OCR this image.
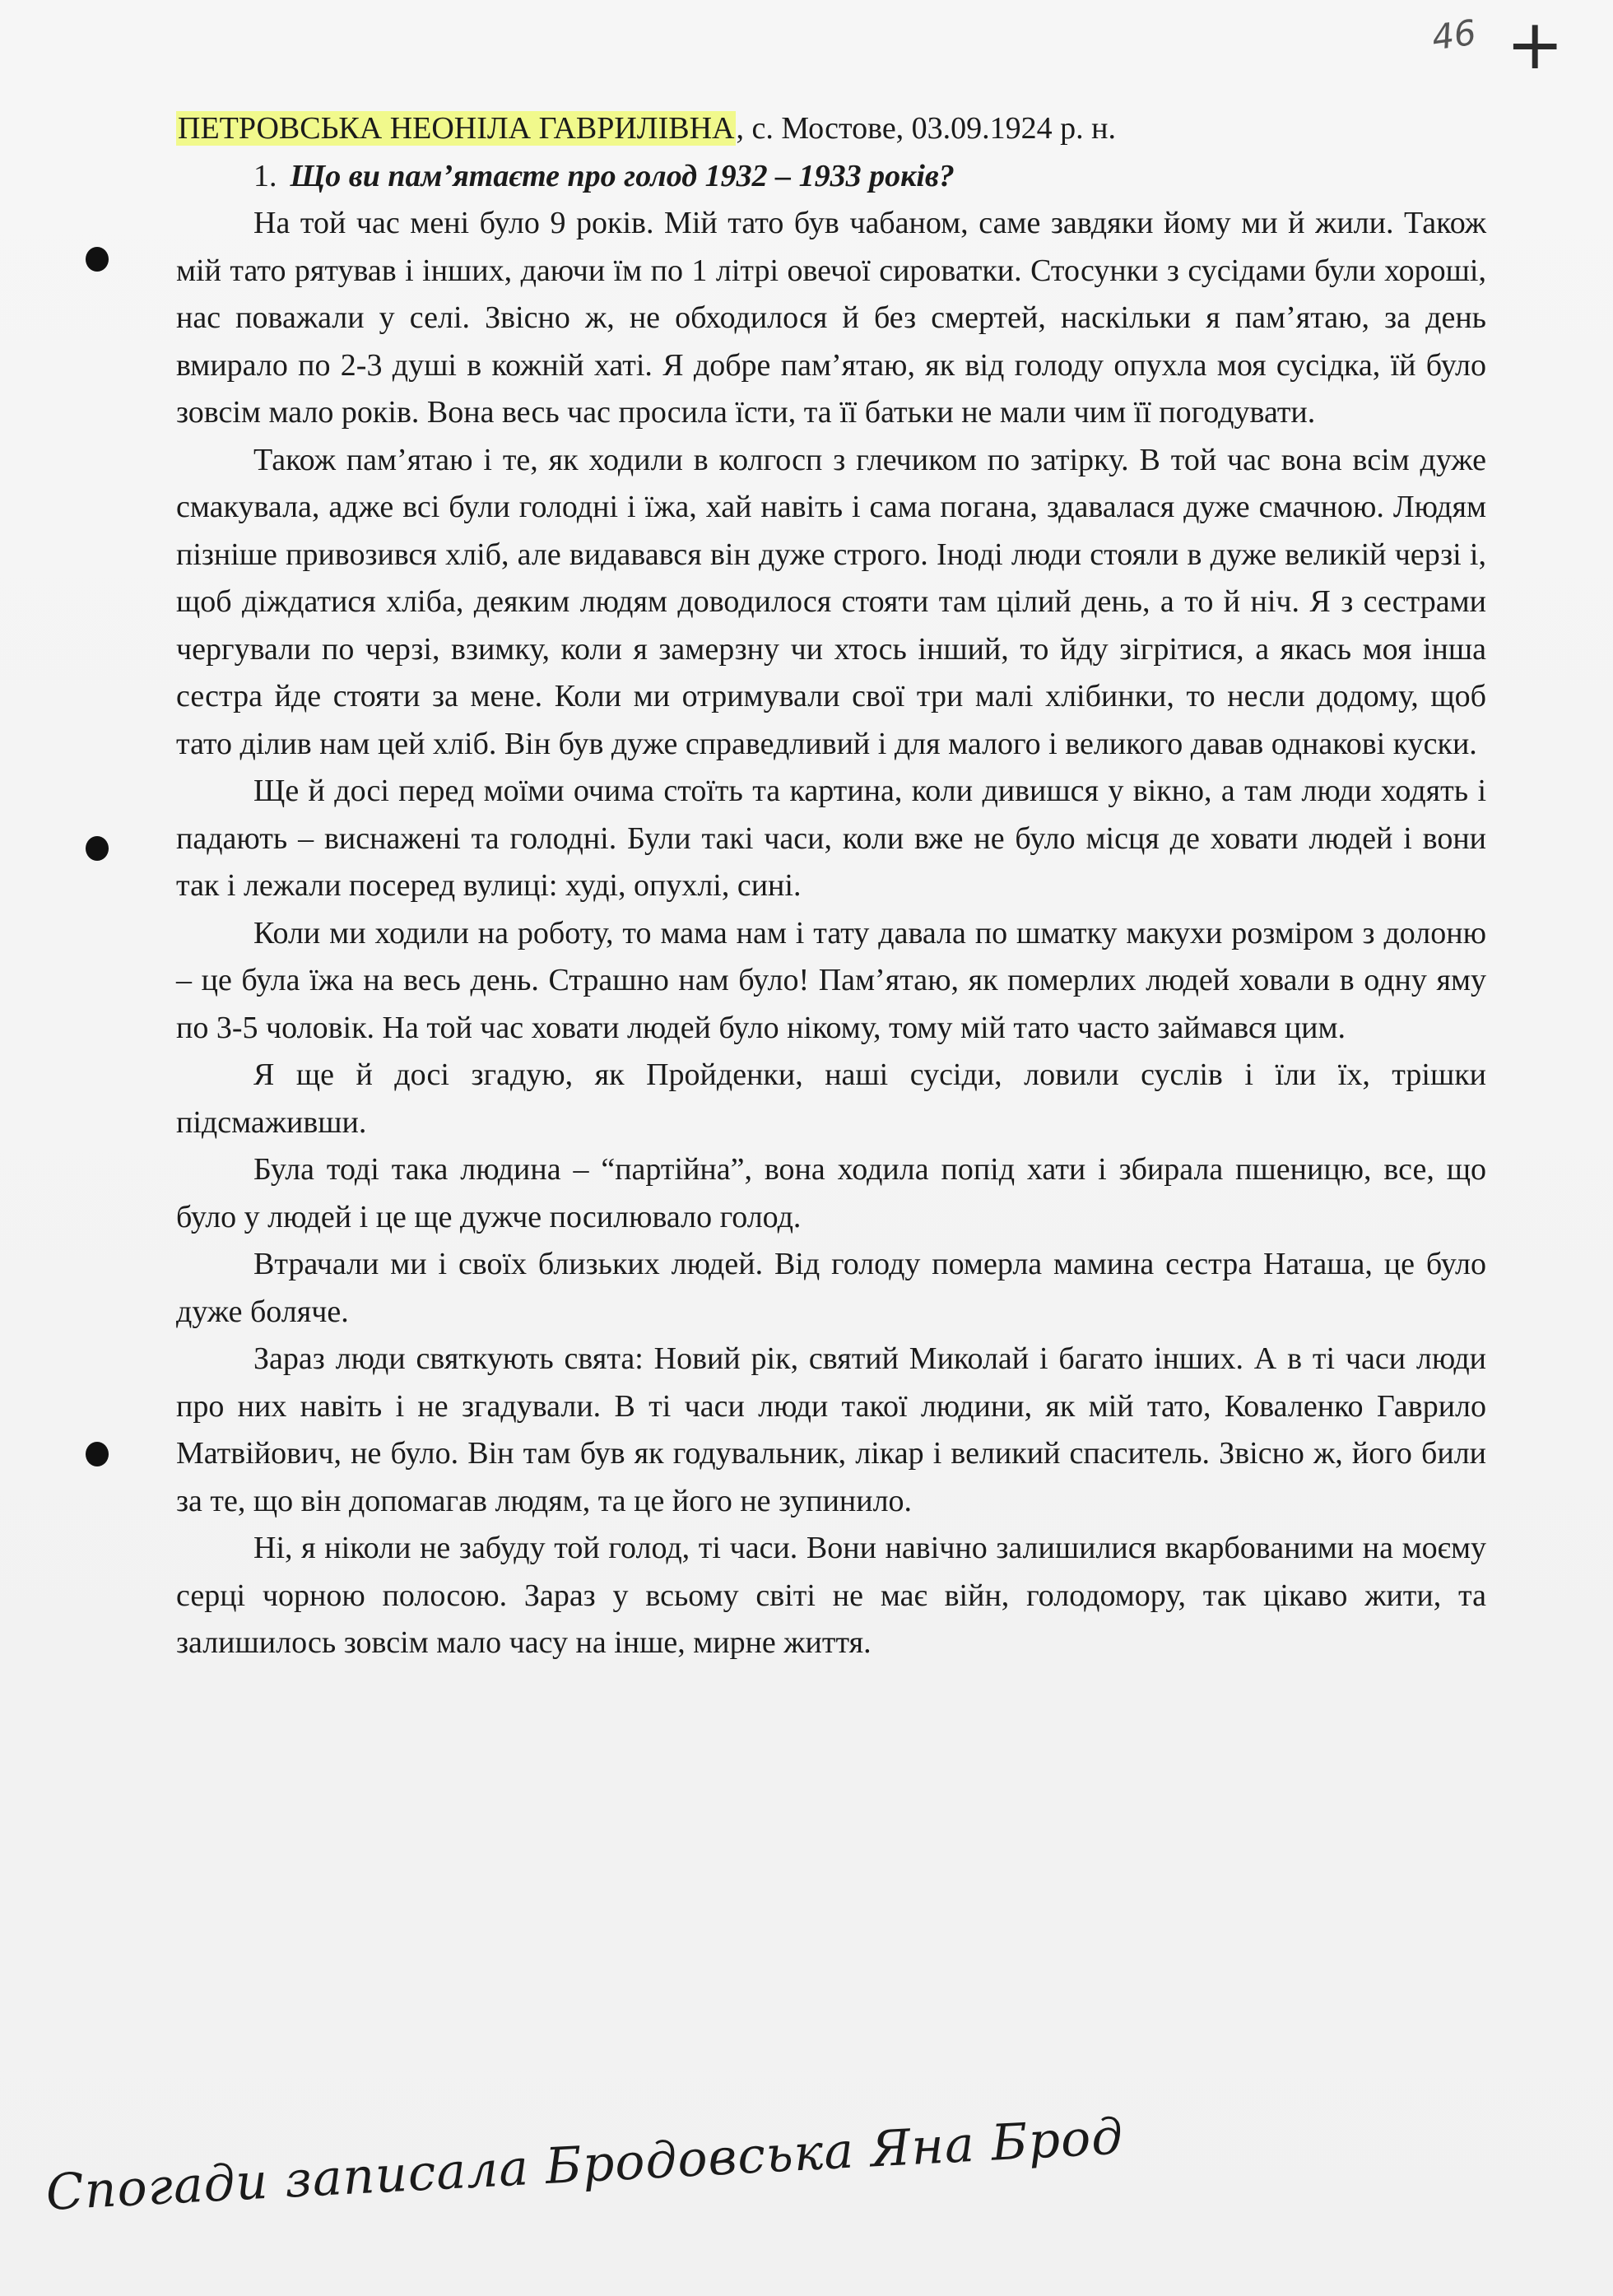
46 +

ПЕТРОВСЬКА НЕОНІЛА ГАВРИЛІВНА, с. Мостове, 03.09.1924 р. н.

1. Що ви пам’ятаєте про голод 1932 – 1933 років?

На той час мені було 9 років. Мій тато був чабаном, саме завдяки йому ми й жили. Також мій тато рятував і інших, даючи їм по 1 літрі овечої сироватки. Стосунки з сусідами були хороші, нас поважали у селі. Звісно ж, не обходилося й без смертей, наскільки я пам’ятаю, за день вмирало по 2-3 душі в кожній хаті. Я добре пам’ятаю, як від голоду опухла моя сусідка, їй було зовсім мало років. Вона весь час просила їсти, та її батьки не мали чим її погодувати.

Також пам’ятаю і те, як ходили в колгосп з глечиком по затірку. В той час вона всім дуже смакувала, адже всі були голодні і їжа, хай навіть і сама погана, здавалася дуже смачною. Людям пізніше привозився хліб, але видавався він дуже строго. Іноді люди стояли в дуже великій черзі і, щоб діждатися хліба, деяким людям доводилося стояти там цілий день, а то й ніч. Я з сестрами чергували по черзі, взимку, коли я замерзну чи хтось інший, то йду зігрітися, а якась моя інша сестра йде стояти за мене. Коли ми отримували свої три малі хлібинки, то несли додому, щоб тато ділив нам цей хліб. Він був дуже справедливий і для малого і великого давав однакові куски.

Ще й досі перед моїми очима стоїть та картина, коли дивишся у вікно, а там люди ходять і падають – виснажені та голодні. Були такі часи, коли вже не було місця де ховати людей і вони так і лежали посеред вулиці: худі, опухлі, сині.

Коли ми ходили на роботу, то мама нам і тату давала по шматку макухи розміром з долоню – це була їжа на весь день. Страшно нам було! Пам’ятаю, як померлих людей ховали в одну яму по 3-5 чоловік. На той час ховати людей було нікому, тому мій тато часто займався цим.

Я ще й досі згадую, як Пройденки, наші сусіди, ловили суслів і їли їх, трішки підсмаживши.

Була тоді така людина – “партійна”, вона ходила попід хати і збирала пшеницю, все, що було у людей і це ще дужче посилювало голод.

Втрачали ми і своїх близьких людей. Від голоду померла мамина сестра Наташа, це було дуже боляче.

Зараз люди святкують свята: Новий рік, святий Миколай і багато інших. А в ті часи люди про них навіть і не згадували. В ті часи люди такої людини, як мій тато, Коваленко Гаврило Матвійович, не було. Він там був як годувальник, лікар і великий спаситель. Звісно ж, його били за те, що він допомагав людям, та це його не зупинило.

Ні, я ніколи не забуду той голод, ті часи. Вони навічно залишилися вкарбованими на моєму серці чорною полосою. Зараз у всьому світі не має війн, голодомору, так цікаво жити, та залишилось зовсім мало часу на інше, мирне життя.

Спогади записала Бродовська Яна Брод
